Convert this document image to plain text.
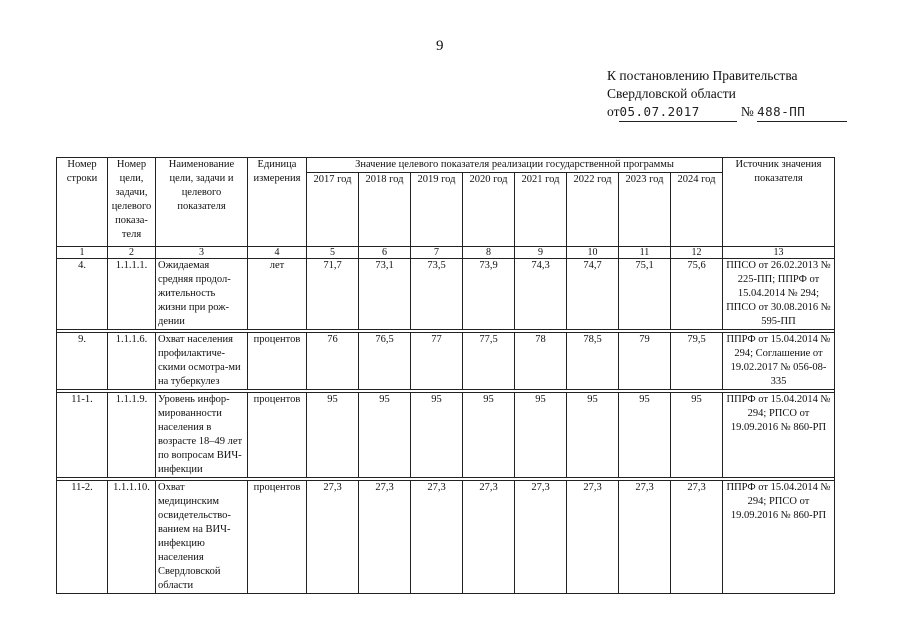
9
К постановлению Правительства
Свердловской области
от05.07.2017	№ 488-ПП
Номер строки	Номер цели, задачи, целевого показа-теля	Наименование цели, задачи и целевого показателя	Единица измерения	Значение целевого показателя реализации государственной программы								Источник значения показателя
				2017 год	2018 год	2019 год	2020 год	2021 год	2022 год	2023 год	2024 год	
1	2	3	4	5	6	7	8	9	10	11	12	13
4.	1.1.1.1.	Ожидаемая средняя продол-жительность жизни при рож-дении	лет	71,7	73,1	73,5	73,9	74,3	74,7	75,1	75,6	ППСО от 26.02.2013 № 225-ПП; ППРФ от 15.04.2014 № 294; ППСО от 30.08.2016 № 595-ПП

9.	1.1.1.6.	Охват населения профилактиче-скими осмотра-ми на туберкулез	процентов	76	76,5	77	77,5	78	78,5	79	79,5	ППРФ от 15.04.2014 № 294; Соглашение от 19.02.2017 № 056-08-335

11-1.	1.1.1.9.	Уровень инфор-мированности населения в возрасте 18–49 лет по вопросам ВИЧ-инфекции	процентов	95	95	95	95	95	95	95	95	ППРФ от 15.04.2014 № 294; РПСО от 19.09.2016 № 860-РП

11-2.	1.1.1.10.	Охват медицинским освидетельство-ванием на ВИЧ-инфекцию населения Свердловской области	процентов	27,3	27,3	27,3	27,3	27,3	27,3	27,3	27,3	ППРФ от 15.04.2014 № 294; РПСО от 19.09.2016 № 860-РП
